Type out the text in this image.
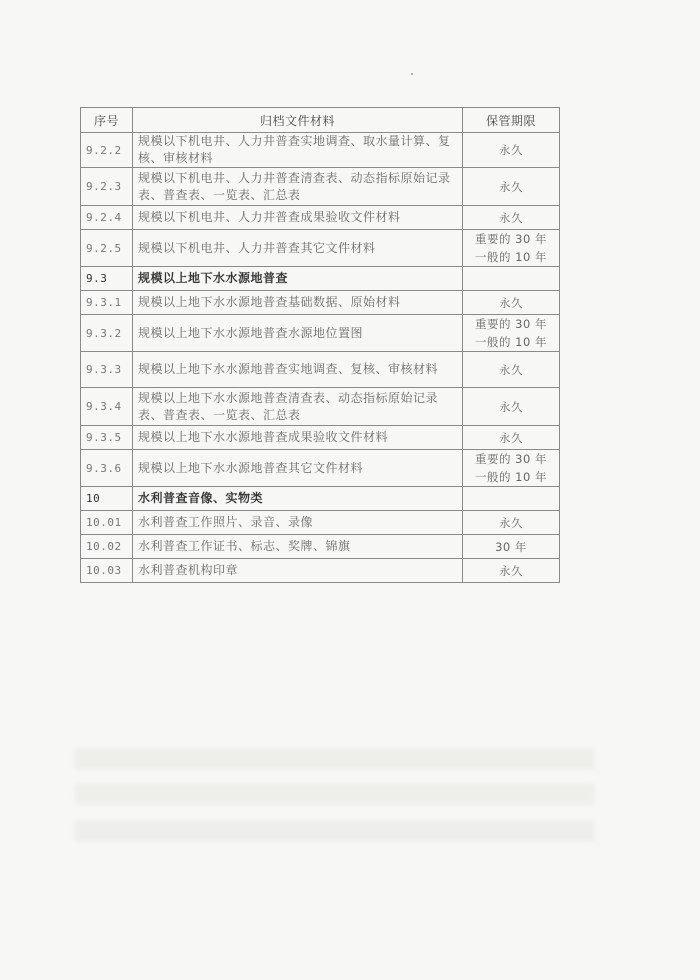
序号	归档文件材料	保管期限
9.2.2	规模以下机电井、人力井普查实地调查、取水量计算、复核、审核材料	永久

9.2.3	规模以下机电井、人力井普查清查表、动态指标原始记录表、普查表、一览表、汇总表	永久

9.2.4	规模以下机电井、人力井普查成果验收文件材料	永久

9.2.5	规模以下机电井、人力井普查其它文件材料	重要的 30 年
一般的 10 年

9.3	规模以上地下水水源地普查	
9.3.1	规模以上地下水水源地普查基础数据、原始材料	永久

9.3.2	规模以上地下水水源地普查水源地位置图	重要的 30 年
一般的 10 年

9.3.3	规模以上地下水水源地普查实地调查、复核、审核材料	永久

9.3.4	规模以上地下水水源地普查清查表、动态指标原始记录表、普查表、一览表、汇总表	永久

9.3.5	规模以上地下水水源地普查成果验收文件材料	永久

9.3.6	规模以上地下水水源地普查其它文件材料	重要的 30 年
一般的 10 年

10	水利普查音像、实物类	
10.01	水利普查工作照片、录音、录像	永久

10.02	水利普查工作证书、标志、奖牌、锦旗	30 年

10.03	水利普查机构印章	永久
